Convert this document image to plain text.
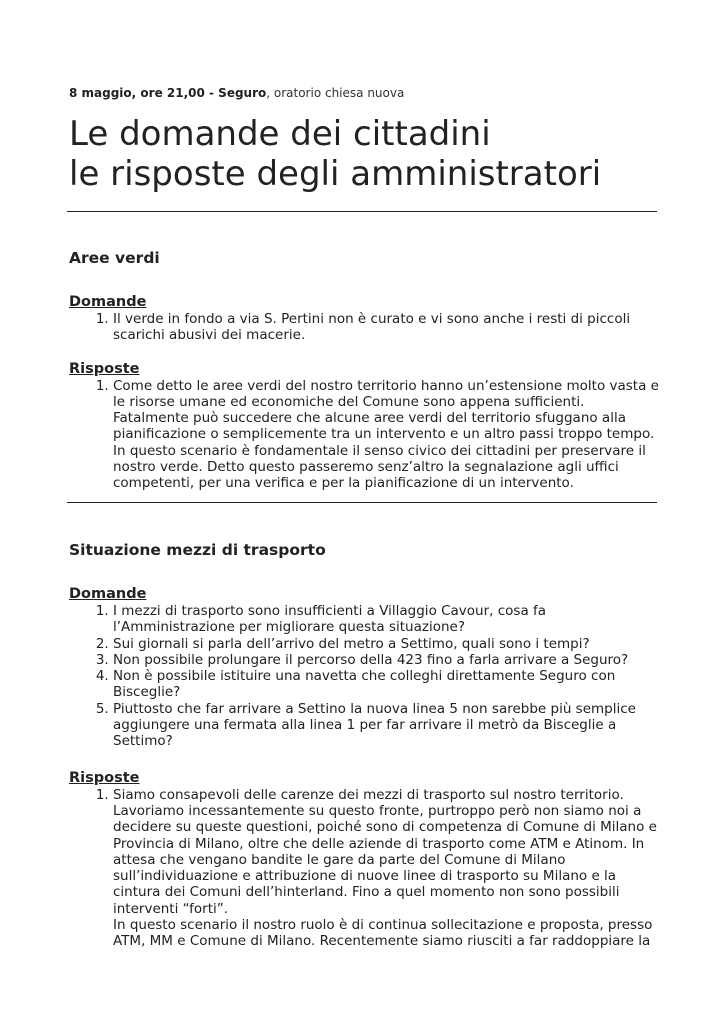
8 maggio, ore 21,00 - Seguro, oratorio chiesa nuova
Le domande dei cittadini
le risposte degli amministratori
Aree verdi

Domande

1. Il verde in fondo a via S. Pertini non è curato e vi sono anche i resti di piccoli scarichi abusivi dei macerie.

Risposte

1. Come detto le aree verdi del nostro territorio hanno un’estensione molto vasta e le risorse umane ed economiche del Comune sono appena sufficienti. Fatalmente può succedere che alcune aree verdi del territorio sfuggano alla pianificazione o semplicemente tra un intervento e un altro passi troppo tempo. In questo scenario è fondamentale il senso civico dei cittadini per preservare il nostro verde. Detto questo passeremo senz’altro la segnalazione agli uffici competenti, per una verifica e per la pianificazione di un intervento.
Situazione mezzi di trasporto

Domande

1. I mezzi di trasporto sono insufficienti a Villaggio Cavour, cosa fa l’Amministrazione per migliorare questa situazione?
2. Sui giornali si parla dell’arrivo del metro a Settimo, quali sono i tempi?
3. Non possibile prolungare il percorso della 423 fino a farla arrivare a Seguro?
4. Non è possibile istituire una navetta che colleghi direttamente Seguro con Bisceglie?
5. Piuttosto che far arrivare a Settino la nuova linea 5 non sarebbe più semplice aggiungere una fermata alla linea 1 per far arrivare il metrò da Bisceglie a Settimo?

Risposte

1. Siamo consapevoli delle carenze dei mezzi di trasporto sul nostro territorio. Lavoriamo incessantemente su questo fronte, purtroppo però non siamo noi a decidere su queste questioni, poiché sono di competenza di Comune di Milano e Provincia di Milano, oltre che delle aziende di trasporto come ATM e Atinom. In attesa che vengano bandite le gare da parte del Comune di Milano sull’individuazione e attribuzione di nuove linee di trasporto su Milano e la cintura dei Comuni dell’hinterland. Fino a quel momento non sono possibili interventi “forti”.
In questo scenario il nostro ruolo è di continua sollecitazione e proposta, presso ATM, MM e Comune di Milano. Recentemente siamo riusciti a far raddoppiare la
